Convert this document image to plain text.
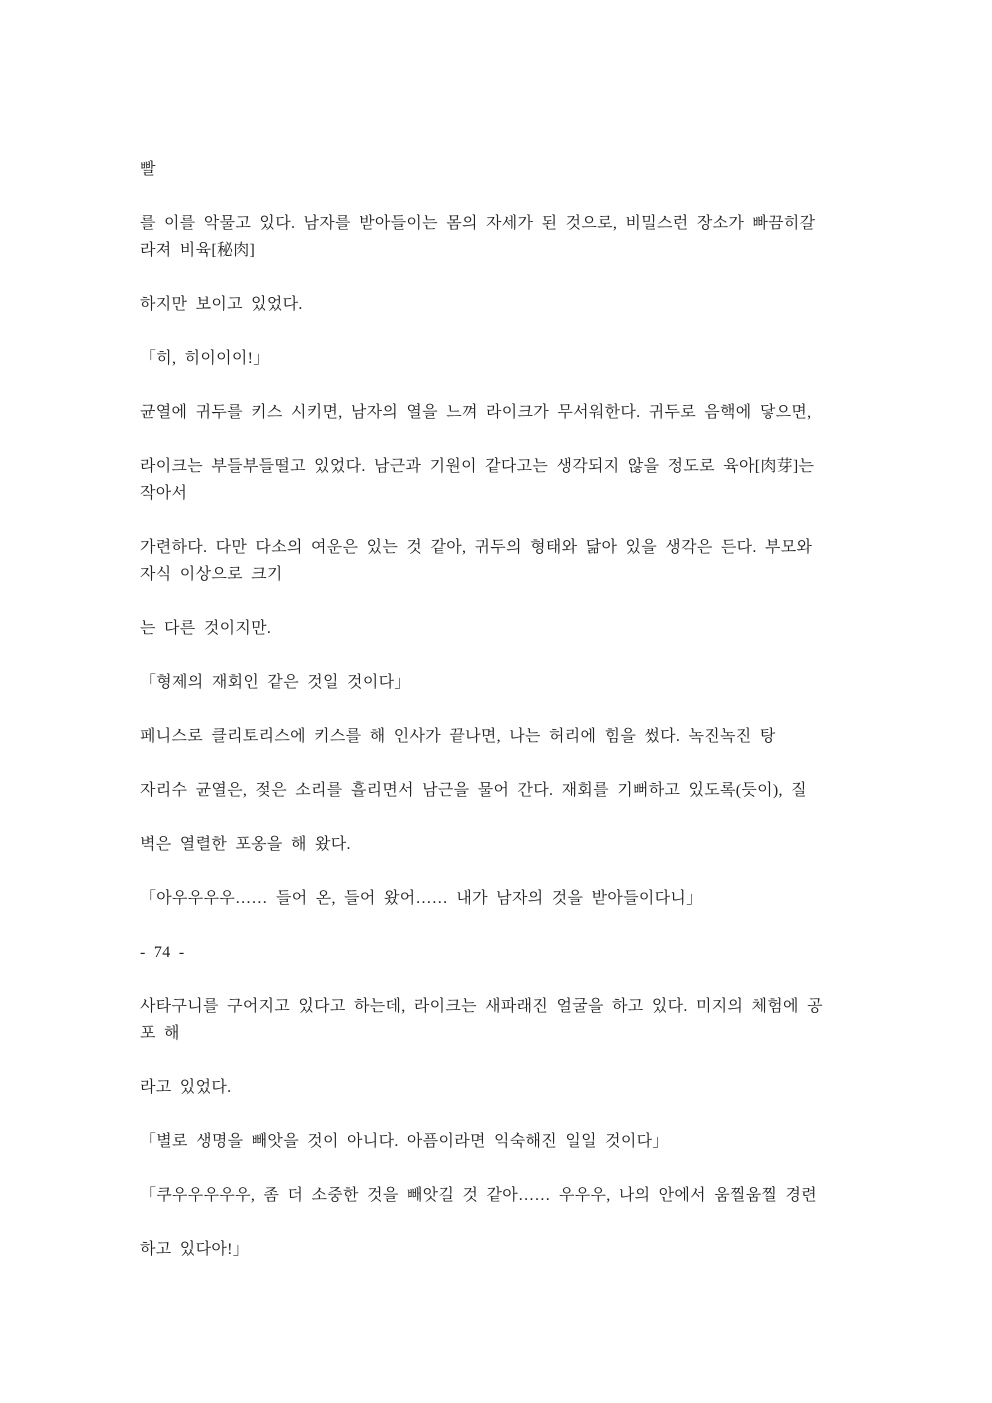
빨
를 이를 악물고 있다. 남자를 받아들이는 몸의 자세가 된 것으로, 비밀스런 장소가 빠끔히갈
라져 비육[秘肉]
하지만 보이고 있었다.
「히, 히이이이!」
균열에 귀두를 키스 시키면, 남자의 열을 느껴 라이크가 무서워한다. 귀두로 음핵에 닿으면,
라이크는 부들부들떨고 있었다. 남근과 기원이 같다고는 생각되지 않을 정도로 육아[肉芽]는
작아서
가련하다. 다만 다소의 여운은 있는 것 같아, 귀두의 형태와 닮아 있을 생각은 든다. 부모와
자식 이상으로 크기
는 다른 것이지만.
「형제의 재회인 같은 것일 것이다」
페니스로 클리토리스에 키스를 해 인사가 끝나면, 나는 허리에 힘을 썼다. 녹진녹진 탕
자리수 균열은, 젖은 소리를 흘리면서 남근을 물어 간다. 재회를 기뻐하고 있도록(듯이), 질
벽은 열렬한 포옹을 해 왔다.
「아우우우우…… 들어 온, 들어 왔어…… 내가 남자의 것을 받아들이다니」
- 74 -
사타구니를 구어지고 있다고 하는데, 라이크는 새파래진 얼굴을 하고 있다. 미지의 체험에 공
포 해
라고 있었다.
「별로 생명을 빼앗을 것이 아니다. 아픔이라면 익숙해진 일일 것이다」
「쿠우우우우우, 좀 더 소중한 것을 빼앗길 것 같아…… 우우우, 나의 안에서 움찔움찔 경련
하고 있다아!」
